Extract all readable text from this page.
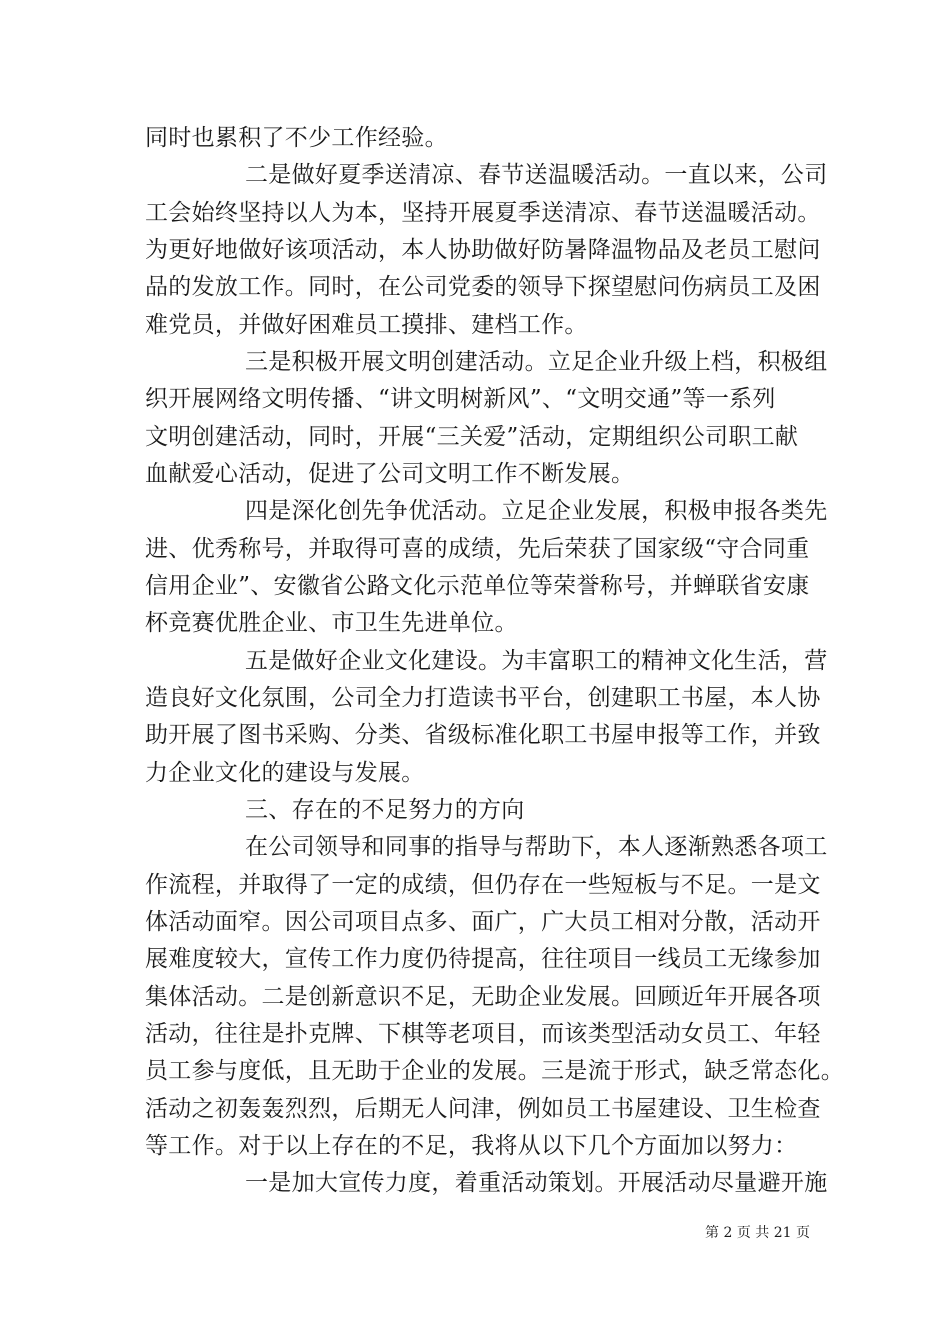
同时也累积了不少工作经验。
二是做好夏季送清凉、春节送温暖活动。一直以来，公司
工会始终坚持以人为本，坚持开展夏季送清凉、春节送温暖活动。
为更好地做好该项活动，本人协助做好防暑降温物品及老员工慰问
品的发放工作。同时，在公司党委的领导下探望慰问伤病员工及困
难党员，并做好困难员工摸排、建档工作。
三是积极开展文明创建活动。立足企业升级上档，积极组
织开展网络文明传播、“讲文明树新风”、“文明交通”等一系列
文明创建活动，同时，开展“三关爱”活动，定期组织公司职工献
血献爱心活动，促进了公司文明工作不断发展。
四是深化创先争优活动。立足企业发展，积极申报各类先
进、优秀称号，并取得可喜的成绩，先后荣获了国家级“守合同重
信用企业”、安徽省公路文化示范单位等荣誉称号，并蝉联省安康
杯竞赛优胜企业、市卫生先进单位。
五是做好企业文化建设。为丰富职工的精神文化生活，营
造良好文化氛围，公司全力打造读书平台，创建职工书屋，本人协
助开展了图书采购、分类、省级标准化职工书屋申报等工作，并致
力企业文化的建设与发展。
三、存在的不足努力的方向
在公司领导和同事的指导与帮助下，本人逐渐熟悉各项工
作流程，并取得了一定的成绩，但仍存在一些短板与不足。一是文
体活动面窄。因公司项目点多、面广，广大员工相对分散，活动开
展难度较大，宣传工作力度仍待提高，往往项目一线员工无缘参加
集体活动。二是创新意识不足，无助企业发展。回顾近年开展各项
活动，往往是扑克牌、下棋等老项目，而该类型活动女员工、年轻
员工参与度低，且无助于企业的发展。三是流于形式，缺乏常态化。
活动之初轰轰烈烈，后期无人问津，例如员工书屋建设、卫生检查
等工作。对于以上存在的不足，我将从以下几个方面加以努力：
一是加大宣传力度，着重活动策划。开展活动尽量避开施
第 2 页 共 21 页
